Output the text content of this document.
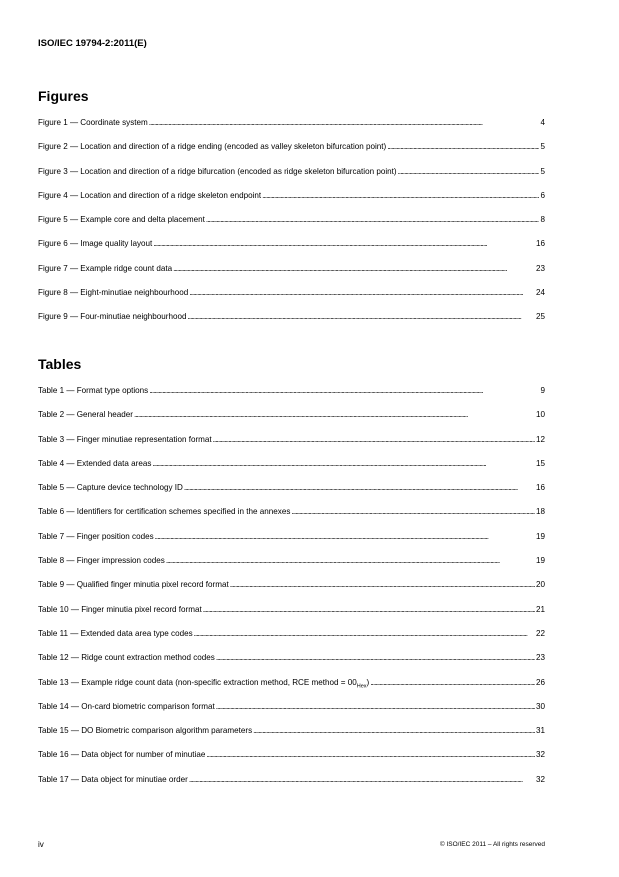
ISO/IEC 19794-2:2011(E)
Figures
Figure 1 — Coordinate system . . .	4
Figure 2 — Location and direction of a ridge ending (encoded as valley skeleton bifurcation point) . . .	5
Figure 3 — Location and direction of a ridge bifurcation (encoded as ridge skeleton bifurcation point) . . .	5
Figure 4 — Location and direction of a ridge skeleton endpoint . . .	6
Figure 5 — Example core and delta placement . . .	8
Figure 6 — Image quality layout . . .	16
Figure 7 — Example ridge count data . . .	23
Figure 8 — Eight-minutiae neighbourhood . . .	24
Figure 9 — Four-minutiae neighbourhood . . .	25
Tables
Table 1 — Format type options . . .	9
Table 2 — General header . . .	10
Table 3 — Finger minutiae representation format . . .	12
Table 4 — Extended data areas . . .	15
Table 5 — Capture device technology ID . . .	16
Table 6 — Identifiers for certification schemes specified in the annexes . . .	18
Table 7 — Finger position codes . . .	19
Table 8 — Finger impression codes . . .	19
Table 9 — Qualified finger minutia pixel record format . . .	20
Table 10 — Finger minutia pixel record format . . .	21
Table 11 — Extended data area type codes . . .	22
Table 12 — Ridge count extraction method codes . . .	23
Table 13 — Example ridge count data (non-specific extraction method, RCE method = $00_{Hex}$) . . .	26
Table 14 — On-card biometric comparison format . . .	30
Table 15 — DO Biometric comparison algorithm parameters . . .	31
Table 16 — Data object for number of minutiae . . .	32
Table 17 — Data object for minutiae order . . .	32
iv	© ISO/IEC 2011 – All rights reserved
